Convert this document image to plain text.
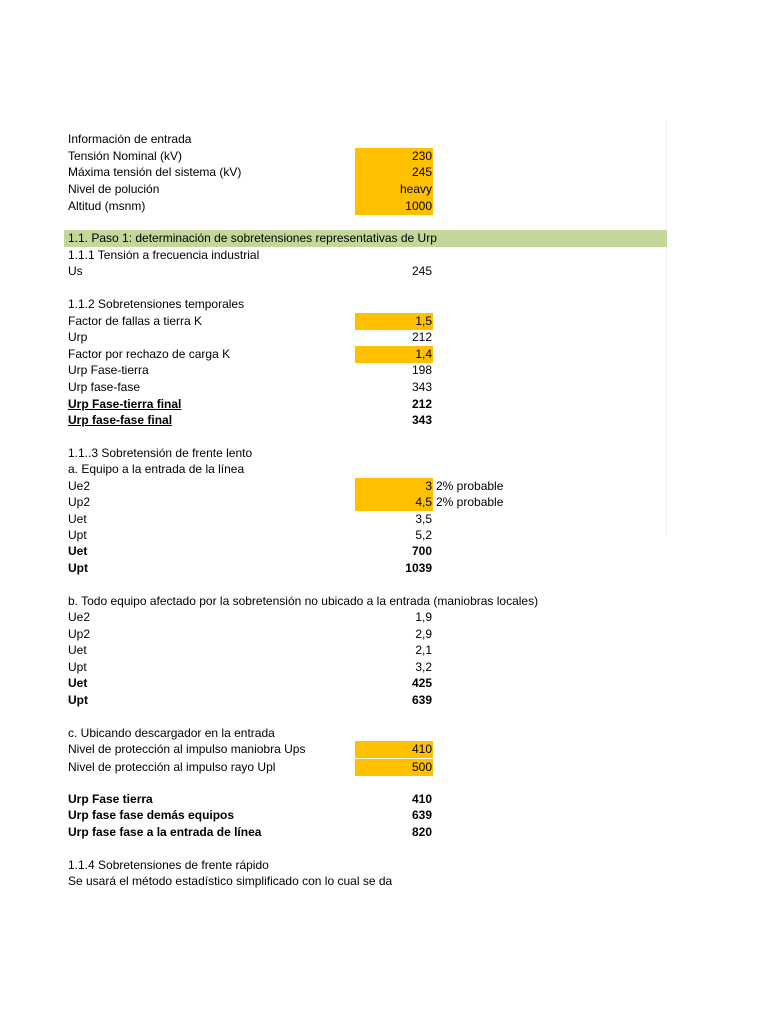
Información de entrada
Tensión Nominal (kV)	230
Máxima tensión del sistema (kV)	245
Nivel de polución	heavy
Altitud (msnm)	1000
1.1. Paso 1: determinación de sobretensiones representativas de Urp
1.1.1 Tensión a frecuencia industrial
Us	245
1.1.2 Sobretensiones temporales
Factor de fallas a tierra K	1,5
Urp	212
Factor por rechazo de carga K	1,4
Urp Fase-tierra	198
Urp fase-fase	343
Urp Fase-tierra final	212
Urp fase-fase final	343
1.1..3 Sobretensión de frente lento
a. Equipo a la entrada de la línea
Ue2	3 2% probable
Up2	4,5 2% probable
Uet	3,5
Upt	5,2
Uet	700
Upt	1039
b. Todo equipo afectado por la sobretensión no ubicado a la entrada (maniobras locales)
Ue2	1,9
Up2	2,9
Uet	2,1
Upt	3,2
Uet	425
Upt	639
c. Ubicando descargador en la entrada
Nivel de protección al impulso maniobra Ups	410
Nivel de protección al impulso rayo Upl	500
Urp Fase tierra	410
Urp fase fase demás equipos	639
Urp fase fase a la entrada de línea	820
1.1.4 Sobretensiones de frente rápido
Se usará el método estadístico simplificado con lo cual se da
